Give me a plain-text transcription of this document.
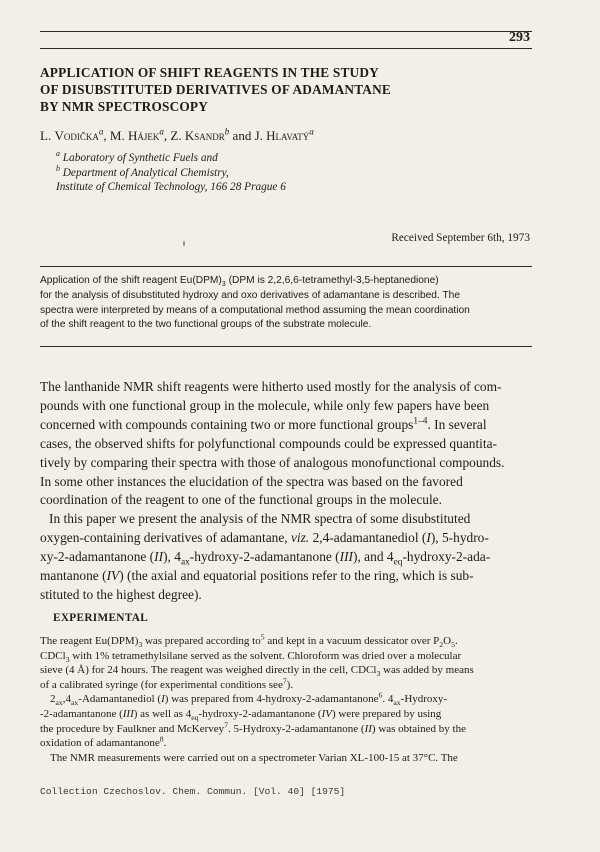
293
APPLICATION OF SHIFT REAGENTS IN THE STUDY
OF DISUBSTITUTED DERIVATIVES OF ADAMANTANE
BY NMR SPECTROSCOPY
L. Vodička$^a$, M. Hájek$^a$, Z. Ksandr$^b$ and J. Hlavatý$^a$
$^a$ Laboratory of Synthetic Fuels and
$^b$ Department of Analytical Chemistry,
Institute of Chemical Technology, 166 28 Prague 6
Received September 6th, 1973
Application of the shift reagent $Eu(DPM)_3$ (DPM is 2,2,6,6-tetramethyl-3,5-heptanedione)
for the analysis of disubstituted hydroxy and oxo derivatives of adamantane is described. The
spectra were interpreted by means of a computational method assuming the mean coordination
of the shift reagent to the two functional groups of the substrate molecule.
The lanthanide NMR shift reagents were hitherto used mostly for the analysis of com-
pounds with one functional group in the molecule, while only few papers have been
concerned with compounds containing two or more functional groups$^{1-4}$. In several
cases, the observed shifts for polyfunctional compounds could be expressed quantita-
tively by comparing their spectra with those of analogous monofunctional compounds.
In some other instances the elucidation of the spectra was based on the favored
coordination of the reagent to one of the functional groups in the molecule.
In this paper we present the analysis of the NMR spectra of some disubstituted
oxygen-containing derivatives of adamantane, viz. 2,4-adamantanediol (I), 5-hydro-
xy-2-adamantanone (II), $4_{ax}-hydroxy-2$-adamantanone (III), and $4_{eq}-hydroxy-2-ada-$
mantanone (IV) (the axial and equatorial positions refer to the ring, which is sub-
stituted to the highest degree).
EXPERIMENTAL
The reagent $Eu(DPM)_3$ was prepared according $to^5$ and kept in a vacuum dessicator over $P_2O_5$.
CDCl$_3$ with 1% tetramethylsilane served as the solvent. Chloroform was dried over a molecular
sieve (4 Å) for 24 hours. The reagent was weighed directly in the cell, CDCl$_3$ was added by means
of a calibrated syringe (for experimental conditions see$^7$).
$2_{ax},4_{ax}$-Adamantanediol (I) was prepared from 4-hydroxy-2-adamantanone$^6$. $4_{ax}-Hydroxy-$
-2-adamantanone (III) as well as $4_{eq}-hydroxy-2$-adamantanone (IV) were prepared by using
the procedure by Faulkner and McKervey$^7$. 5-Hydroxy-2-adamantanone (II) was obtained by the
oxidation of adamantanone$^8$.
The NMR measurements were carried out on a spectrometer Varian XL-100-15 at 37°C. The
Collection Czechoslov. Chem. Commun. [Vol. 40] [1975]
